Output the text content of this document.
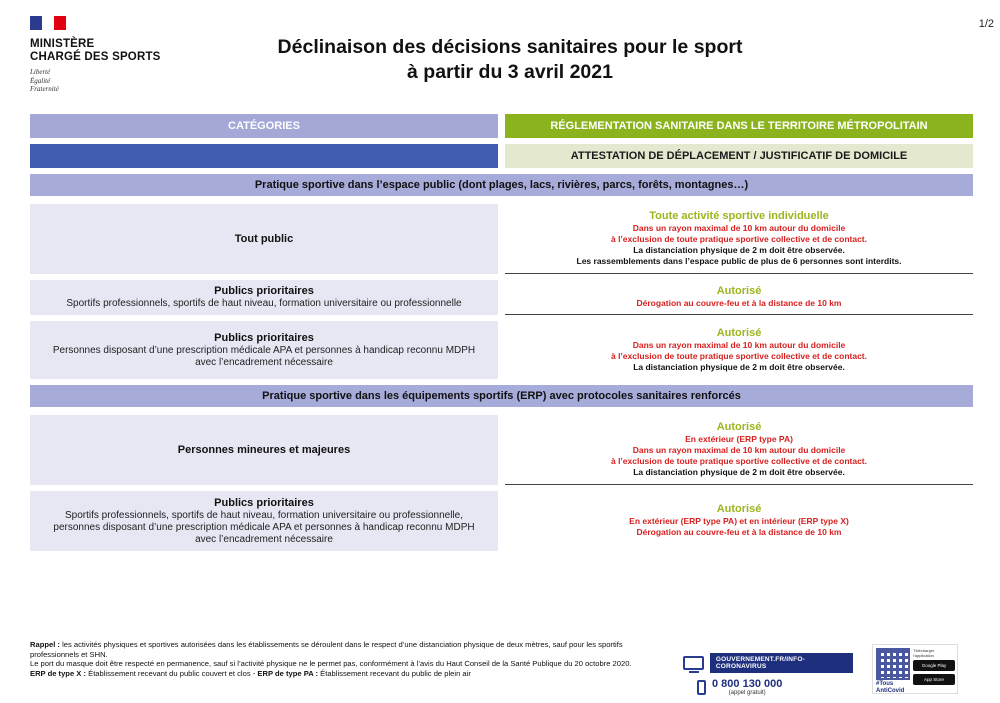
1/2
MINISTÈRE
CHARGÉ DES SPORTS
Liberté
Égalité
Fraternité
Déclinaison des décisions sanitaires pour le sport
à partir du 3 avril 2021
CATÉGORIES	RÉGLEMENTATION SANITAIRE DANS LE TERRITOIRE MÉTROPOLITAIN
ATTESTATION DE DÉPLACEMENT / JUSTIFICATIF DE DOMICILE
Pratique sportive dans l’espace public (dont plages, lacs, rivières, parcs, forêts, montagnes…)
Tout public
Toute activité sportive individuelle
Dans un rayon maximal de 10 km autour du domicile
à l’exclusion de toute pratique sportive collective et de contact.
La distanciation physique de 2 m doit être observée.
Les rassemblements dans l’espace public de plus de 6 personnes sont interdits.
Publics prioritaires
Sportifs professionnels, sportifs de haut niveau, formation universitaire ou professionnelle
Autorisé
Dérogation au couvre-feu et à la distance de 10 km
Publics prioritaires
Personnes disposant d’une prescription médicale APA et personnes à handicap reconnu MDPH avec l’encadrement nécessaire
Autorisé
Dans un rayon maximal de 10 km autour du domicile
à l’exclusion de toute pratique sportive collective et de contact.
La distanciation physique de 2 m doit être observée.
Pratique sportive dans les équipements sportifs (ERP) avec protocoles sanitaires renforcés
Personnes mineures et majeures
Autorisé
En extérieur (ERP type PA)
Dans un rayon maximal de 10 km autour du domicile
à l’exclusion de toute pratique sportive collective et de contact.
La distanciation physique de 2 m doit être observée.
Publics prioritaires
Sportifs professionnels, sportifs de haut niveau, formation universitaire ou professionnelle, personnes disposant d’une prescription médicale APA et personnes à handicap reconnu MDPH avec l’encadrement nécessaire
Autorisé
En extérieur (ERP type PA) et en intérieur (ERP type X)
Dérogation au couvre-feu et à la distance de 10 km
Rappel : les activités physiques et sportives autorisées dans les établissements se déroulent dans le respect d’une distanciation physique de deux mètres, sauf pour les sportifs professionnels et SHN.
Le port du masque doit être respecté en permanence, sauf si l’activité physique ne le permet pas, conformément à l’avis du Haut Conseil de la Santé Publique du 20 octobre 2020.
ERP de type X : Établissement recevant du public couvert et clos - ERP de type PA : Établissement recevant du public de plein air
GOUVERNEMENT.FR/INFO-CORONAVIRUS
0 800 130 000
(appel gratuit)
#Tous
AntiCovid
Télécharger l’application
Google Play
App Store
